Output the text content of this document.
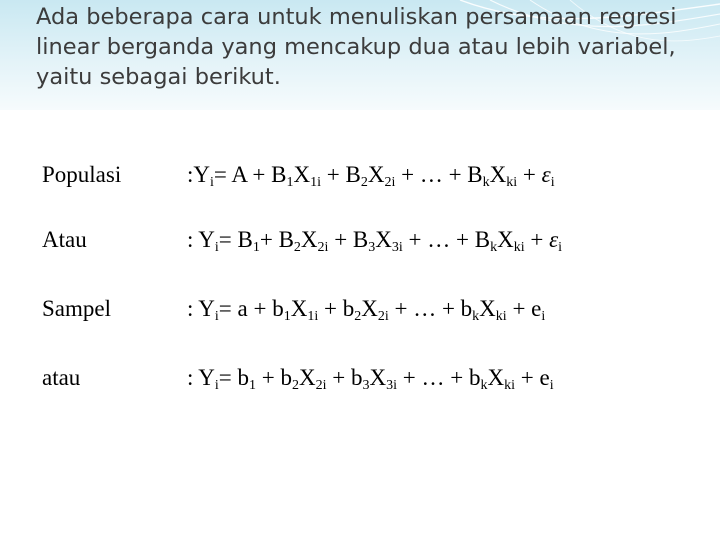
Ada beberapa cara untuk menuliskan persamaan regresi linear berganda yang mencakup dua atau lebih variabel, yaitu sebagai berikut.
Populasi	$:Y_i= A + B_1X_{1i} + B_2X_{2i}$ + … + $B_kX_{ki} + \varepsilon_i$
Atau	: $Y_i= B_1+ B_2X_{2i} + B_3X_{3i}$ + … + $B_kX_{ki} + \varepsilon_i$
Sampel	: $Y_i= a + b_1X_{1i} + b_2X_{2i}$ + … + $b_kX_{ki} + e_i$
atau	: $Y_i= b_1 + b_2X_{2i} + b_3X_{3i}$ + … + $b_kX_{ki} + e_i$
